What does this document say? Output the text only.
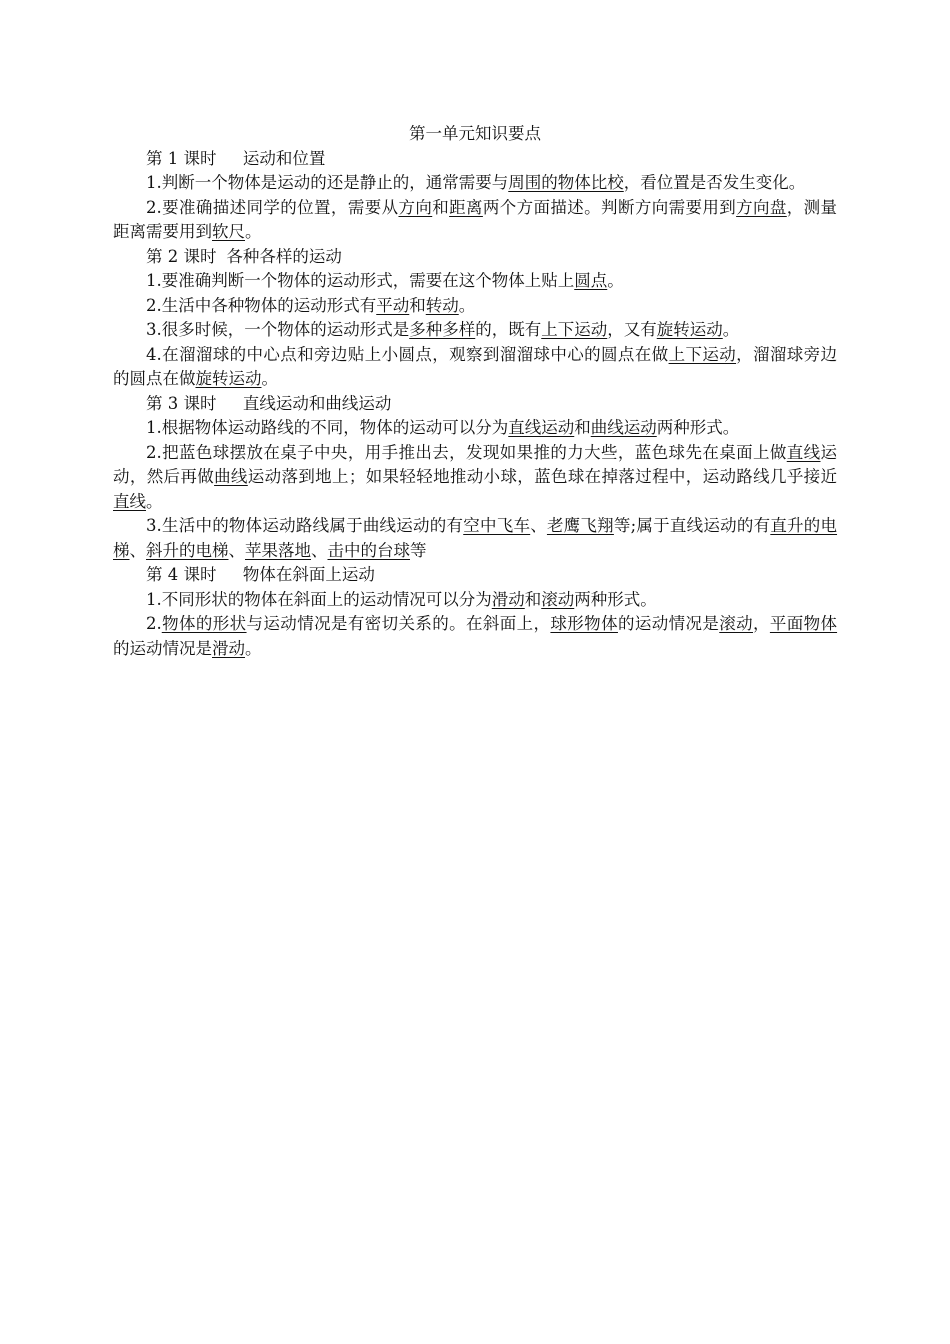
第一单元知识要点

第 1 课时 运动和位置

1.判断一个物体是运动的还是静止的，通常需要与周围的物体比校，看位置是否发生变化。

2.要准确描述同学的位置，需要从方向和距离两个方面描述。判断方向需要用到方向盘，测量距离需要用到软尺。

第 2 课时 各种各样的运动

1.要准确判断一个物体的运动形式，需要在这个物体上贴上圆点。

2.生活中各种物体的运动形式有平动和转动。

3.很多时候，一个物体的运动形式是多种多样的，既有上下运动，又有旋转运动。

4.在溜溜球的中心点和旁边贴上小圆点，观察到溜溜球中心的圆点在做上下运动，溜溜球旁边的圆点在做旋转运动。

第 3 课时 直线运动和曲线运动

1.根据物体运动路线的不同，物体的运动可以分为直线运动和曲线运动两种形式。

2.把蓝色球摆放在桌子中央，用手推出去，发现如果推的力大些，蓝色球先在桌面上做直线运动，然后再做曲线运动落到地上；如果轻轻地推动小球，蓝色球在掉落过程中，运动路线几乎接近直线。

3.生活中的物体运动路线属于曲线运动的有空中飞车、老鹰飞翔等;属于直线运动的有直升的电梯、斜升的电梯、苹果落地、击中的台球等

第 4 课时 物体在斜面上运动

1.不同形状的物体在斜面上的运动情况可以分为滑动和滚动两种形式。

2.物体的形状与运动情况是有密切关系的。在斜面上，球形物体的运动情况是滚动，平面物体的运动情况是滑动。
